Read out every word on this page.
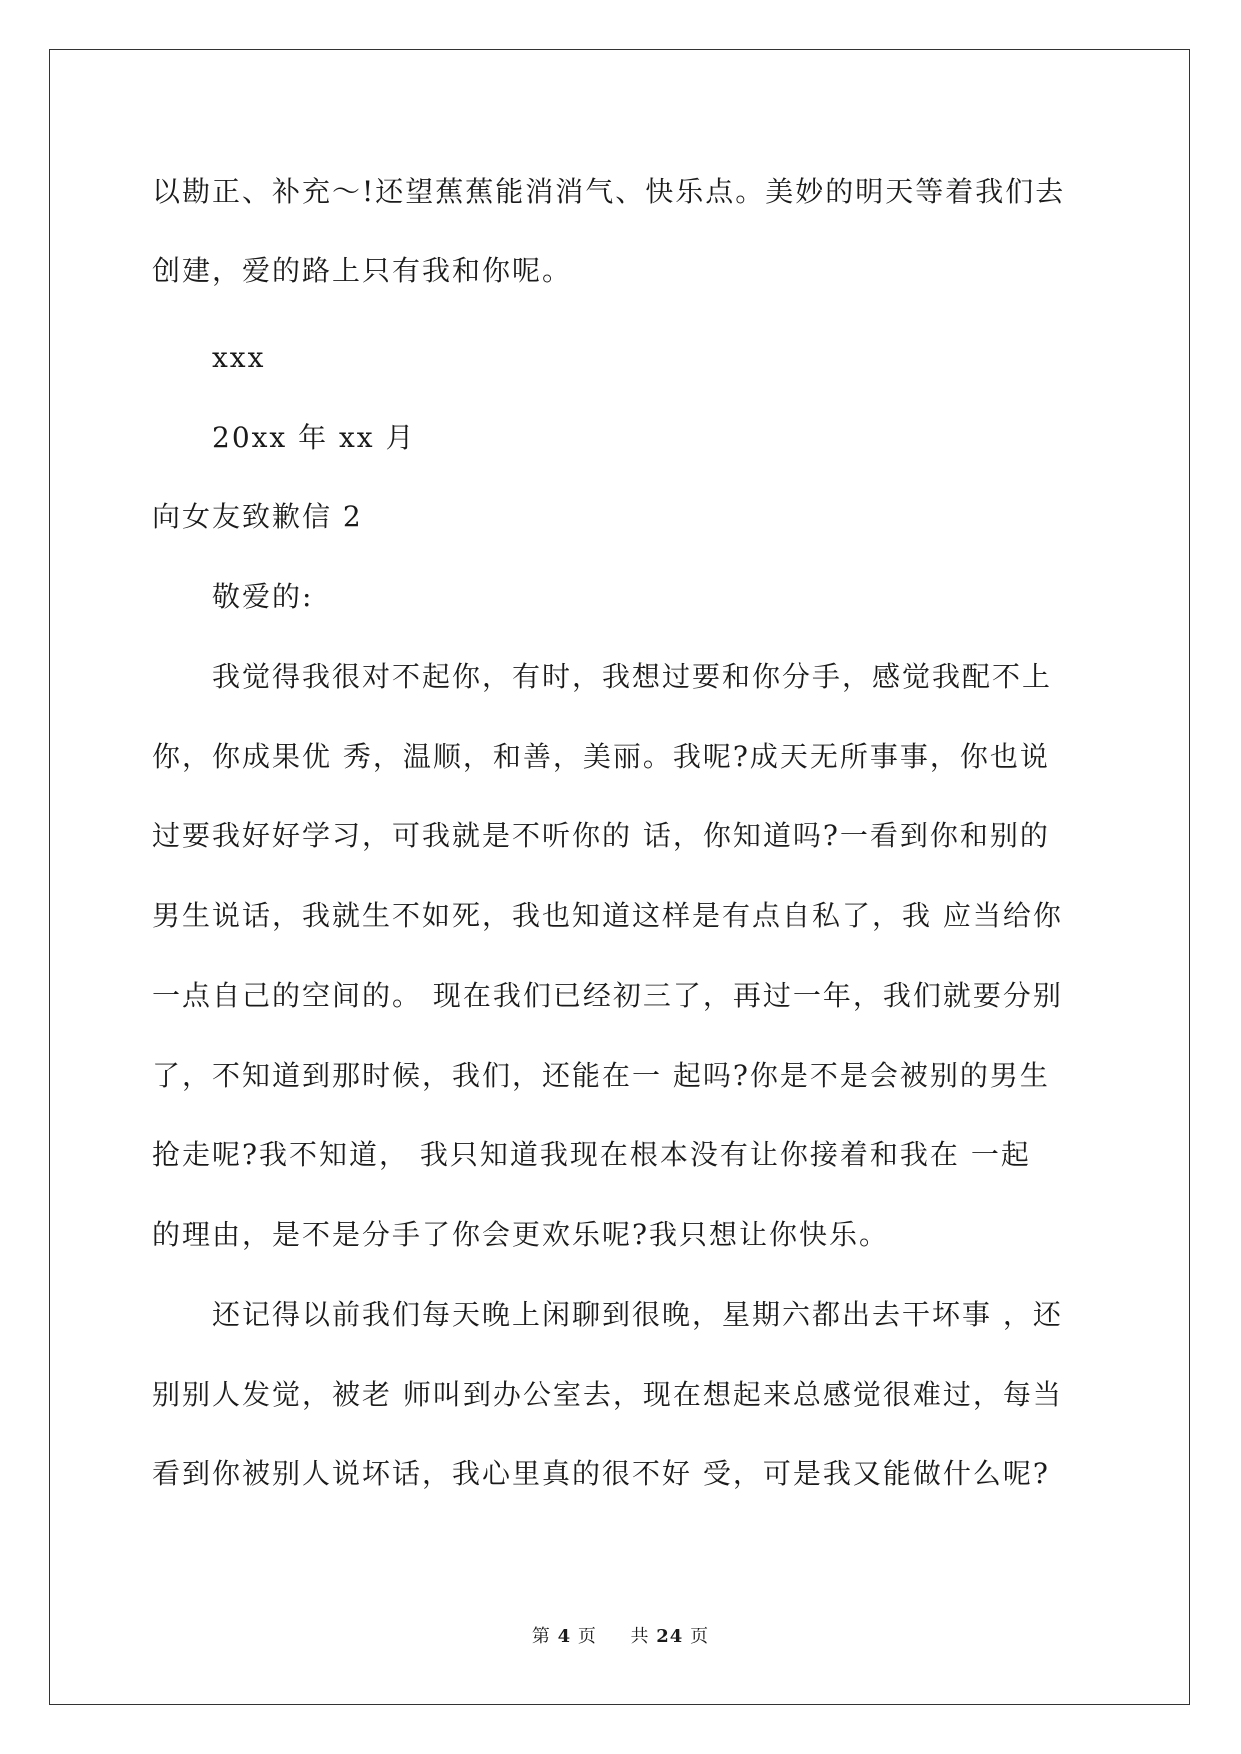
以勘正、补充～!还望蕉蕉能消消气、快乐点。美妙的明天等着我们去
创建，爱的路上只有我和你呢。
xxx
20xx 年 xx 月
向女友致歉信 2
敬爱的:
我觉得我很对不起你，有时，我想过要和你分手，感觉我配不上
你，你成果优 秀，温顺，和善，美丽。我呢?成天无所事事，你也说
过要我好好学习，可我就是不听你的 话，你知道吗?一看到你和别的
男生说话，我就生不如死，我也知道这样是有点自私了，我 应当给你
一点自己的空间的。 现在我们已经初三了，再过一年，我们就要分别
了，不知道到那时候，我们，还能在一 起吗?你是不是会被别的男生
抢走呢?我不知道， 我只知道我现在根本没有让你接着和我在 一起
的理由，是不是分手了你会更欢乐呢?我只想让你快乐。
还记得以前我们每天晚上闲聊到很晚，星期六都出去干坏事 ，还
别别人发觉，被老 师叫到办公室去，现在想起来总感觉很难过，每当
看到你被别人说坏话，我心里真的很不好 受，可是我又能做什么呢?
第 4 页 共 24 页
